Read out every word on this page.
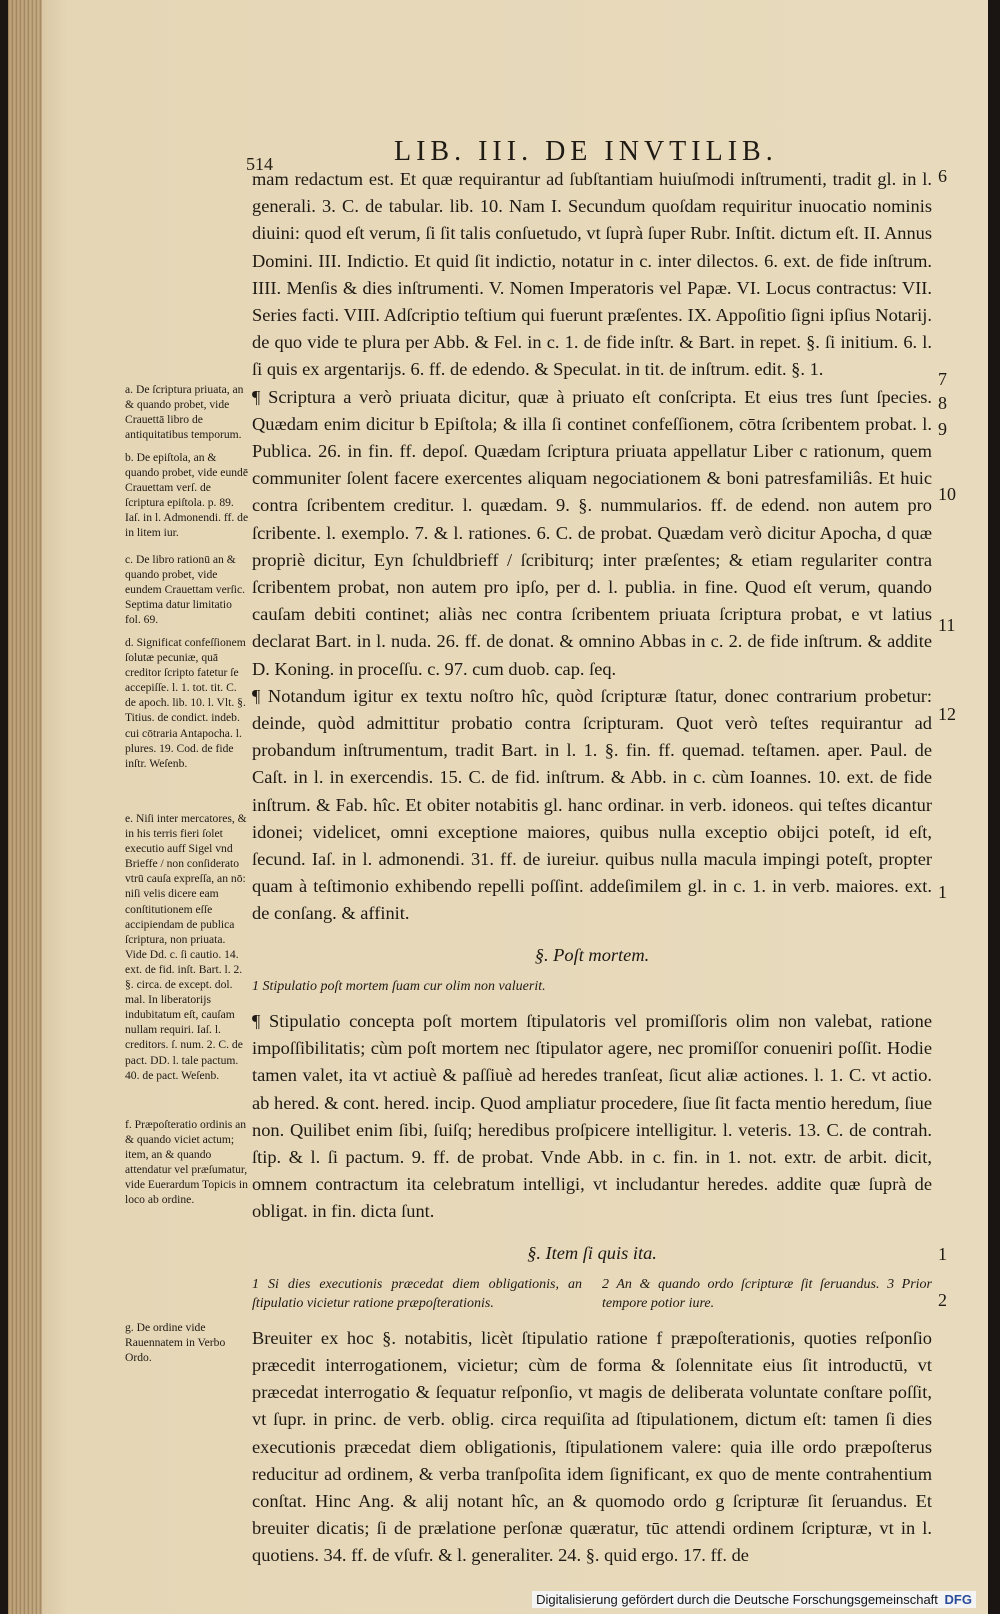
514	LIB. III. DE INVTILIB.

mam redactum est. Et quæ requirantur ad ſubſtantiam huiuſmodi inſtrumenti, tradit gl. in l. generali. 3. C. de tabular. lib. 10. Nam I. Secundum quoſdam requiritur inuocatio nominis diuini: quod eſt verum, ſi ſit talis conſuetudo, vt ſuprà ſuper Rubr. Inſtit. dictum eſt. II. Annus Domini. III. Indictio. Et quid ſit indictio, notatur in c. inter dilectos. 6. ext. de fide inſtrum. IIII. Menſis & dies inſtrumenti. V. Nomen Imperatoris vel Papæ. VI. Locus contractus: VII. Series facti. VIII. Adſcriptio teſtium qui fuerunt præſentes. IX. Appoſitio ſigni ipſius Notarij. de quo vide te plura per Abb. & Fel. in c. 1. de fide inſtr. & Bart. in repet. §. ſi initium. 6. l. ſi quis ex argentarijs. 6. ff. de edendo. & Speculat. in tit. de inſtrum. edit. §. 1.

¶ Scriptura a verò priuata dicitur, quæ à priuato eſt conſcripta. Et eius tres ſunt ſpecies. Quædam enim dicitur b Epiſtola; & illa ſi continet confeſſionem, cōtra ſcribentem probat. l. Publica. 26. in fin. ff. depoſ. Quædam ſcriptura priuata appellatur Liber c rationum, quem communiter ſolent facere exercentes aliquam negociationem & boni patresfamiliâs. Et huic contra ſcribentem creditur. l. quædam. 9. §. nummularios. ff. de edend. non autem pro ſcribente. l. exemplo. 7. & l. rationes. 6. C. de probat. Quædam verò dicitur Apocha, d quæ propriè dicitur, Eyn ſchuldbrieff / ſcribiturq; inter præſentes; & etiam regulariter contra ſcribentem probat, non autem pro ipſo, per d. l. publia. in fine. Quod eſt verum, quando cauſam debiti continet; aliàs nec contra ſcribentem priuata ſcriptura probat, e vt latius declarat Bart. in l. nuda. 26. ff. de donat. & omnino Abbas in c. 2. de fide inſtrum. & addite D. Koning. in proceſſu. c. 97. cum duob. cap. ſeq.

¶ Notandum igitur ex textu noſtro hîc, quòd ſcripturæ ſtatur, donec contrarium probetur: deinde, quòd admittitur probatio contra ſcripturam. Quot verò teſtes requirantur ad probandum inſtrumentum, tradit Bart. in l. 1. §. fin. ff. quemad. teſtamen. aper. Paul. de Caſt. in l. in exercendis. 15. C. de fid. inſtrum. & Abb. in c. cùm Ioannes. 10. ext. de fide inſtrum. & Fab. hîc. Et obiter notabitis gl. hanc ordinar. in verb. idoneos. qui teſtes dicantur idonei; videlicet, omni exceptione maiores, quibus nulla exceptio obijci poteſt, id eſt, ſecund. Iaſ. in l. admonendi. 31. ff. de iureiur. quibus nulla macula impingi poteſt, propter quam à teſtimonio exhibendo repelli poſſint. addeſimilem gl. in c. 1. in verb. maiores. ext. de conſang. & affinit.

§. Poſt mortem.
1 Stipulatio poſt mortem ſuam cur olim non valuerit.

¶ Stipulatio concepta poſt mortem ſtipulatoris vel promiſſoris olim non valebat, ratione impoſſibilitatis; cùm poſt mortem nec ſtipulator agere, nec promiſſor conueniri poſſit. Hodie tamen valet, ita vt actiuè & paſſiuè ad heredes tranſeat, ſicut aliæ actiones. l. 1. C. vt actio. ab hered. & cont. hered. incip. Quod ampliatur procedere, ſiue ſit facta mentio heredum, ſiue non. Quilibet enim ſibi, ſuiſq; heredibus proſpicere intelligitur. l. veteris. 13. C. de contrah. ſtip. & l. ſi pactum. 9. ff. de probat. Vnde Abb. in c. fin. in 1. not. extr. de arbit. dicit, omnem contractum ita celebratum intelligi, vt includantur heredes. addite quæ ſuprà de obligat. in fin. dicta ſunt.

§. Item ſi quis ita.
1 Si dies executionis præcedat diem obligationis, an ſtipulatio vicietur ratione præpoſterationis.
2 An & quando ordo ſcripturæ ſit ſeruandus. 3 Prior tempore potior iure.

Breuiter ex hoc §. notabitis, licèt ſtipulatio ratione f præpoſterationis, quoties reſponſio præcedit interrogationem, vicietur; cùm de forma & ſolennitate eius ſit introductū, vt præcedat interrogatio & ſequatur reſponſio, vt magis de deliberata voluntate conſtare poſſit, vt ſupr. in princ. de verb. oblig. circa requiſita ad ſtipulationem, dictum eſt: tamen ſi dies executionis præcedat diem obligationis, ſtipulationem valere: quia ille ordo præpoſterus reducitur ad ordinem, & verba tranſpoſita idem ſignificant, ex quo de mente contrahentium conſtat. Hinc Ang. & alij notant hîc, an & quomodo ordo g ſcripturæ ſit ſeruandus. Et breuiter dicatis; ſi de prælatione perſonæ quæratur, tūc attendi ordinem ſcripturæ, vt in l. quotiens. 34. ff. de vſufr. & l. generaliter. 24. §. quid ergo. 17. ff. de

6
7
8
9
10
11
12
1
1
2
a. De ſcriptura priuata, an & quando probet, vide Crauettā libro de antiquitatibus temporum.
b. De epiſtola, an & quando probet, vide eundē Crauettam verſ. de ſcriptura epiſtola. p. 89. Iaſ. in l. Admonendi. ff. de in litem iur.
c. De libro rationū an & quando probet, vide eundem Crauettam verſic. Septima datur limitatio fol. 69.
d. Significat confeſſionem ſolutæ pecuniæ, quā creditor ſcripto fatetur ſe accepiſſe. l. 1. tot. tit. C. de apoch. lib. 10. l. Vlt. §. Titius. de condict. indeb. cui cōtraria Antapocha. l. plures. 19. Cod. de fide inſtr. Weſenb.
e. Niſi inter mercatores, & in his terris fieri ſolet executio auff Sigel vnd Brieffe / non conſiderato vtrū cauſa expreſſa, an nō: niſi velis dicere eam conſtitutionem eſſe accipiendam de publica ſcriptura, non priuata. Vide Dd. c. ſi cautio. 14. ext. de fid. inſt. Bart. l. 2. §. circa. de except. dol. mal. In liberatorijs indubitatum eſt, cauſam nullam requiri. Iaſ. l. creditors. ſ. num. 2. C. de pact. DD. l. tale pactum. 40. de pact. Weſenb.
f. Præpoſteratio ordinis an & quando viciet actum; item, an & quando attendatur vel præſumatur, vide Euerardum Topicis in loco ab ordine.
g. De ordine vide Rauennatem in Verbo Ordo.
Digitalisierung gefördert durch die Deutsche Forschungsgemeinschaft DFG
